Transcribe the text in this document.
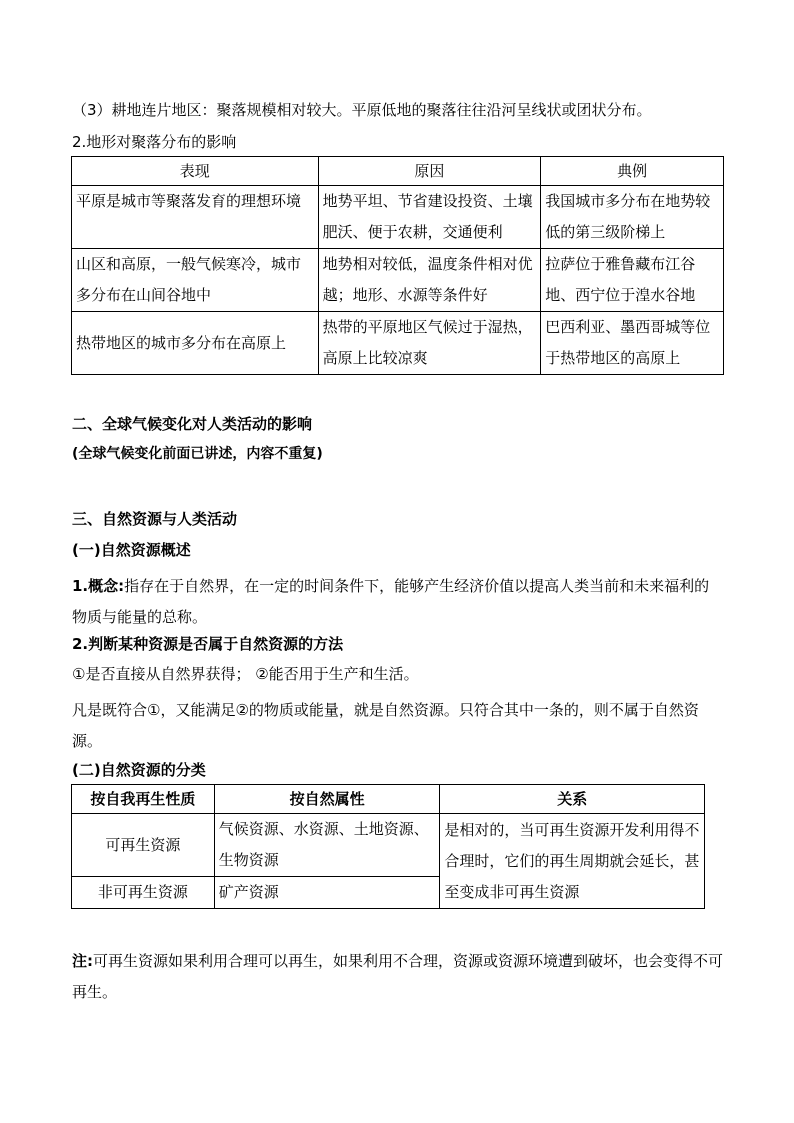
（3）耕地连片地区：聚落规模相对较大。平原低地的聚落往往沿河呈线状或团状分布。
2.地形对聚落分布的影响
表现	原因	典例
平原是城市等聚落发育的理想环境	地势平坦、节省建设投资、土壤肥沃、便于农耕，交通便利	我国城市多分布在地势较低的第三级阶梯上
山区和高原，一般气候寒冷，城市多分布在山间谷地中	地势相对较低，温度条件相对优越；地形、水源等条件好	拉萨位于雅鲁藏布江谷地、西宁位于湟水谷地
热带地区的城市多分布在高原上	热带的平原地区气候过于湿热，高原上比较凉爽	巴西利亚、墨西哥城等位于热带地区的高原上
二、全球气候变化对人类活动的影响
(全球气候变化前面已讲述，内容不重复)
三、自然资源与人类活动
(一)自然资源概述
1.概念:指存在于自然界，在一定的时间条件下，能够产生经济价值以提高人类当前和未来福利的物质与能量的总称。
2.判断某种资源是否属于自然资源的方法
①是否直接从自然界获得； ②能否用于生产和生活。
凡是既符合①，又能满足②的物质或能量，就是自然资源。只符合其中一条的，则不属于自然资源。
(二)自然资源的分类
按自我再生性质	按自然属性	关系
可再生资源	气候资源、水资源、土地资源、生物资源	是相对的，当可再生资源开发利用得不合理时，它们的再生周期就会延长，甚至变成非可再生资源
非可再生资源	矿产资源	
注:可再生资源如果利用合理可以再生，如果利用不合理，资源或资源环境遭到破坏，也会变得不可再生。
